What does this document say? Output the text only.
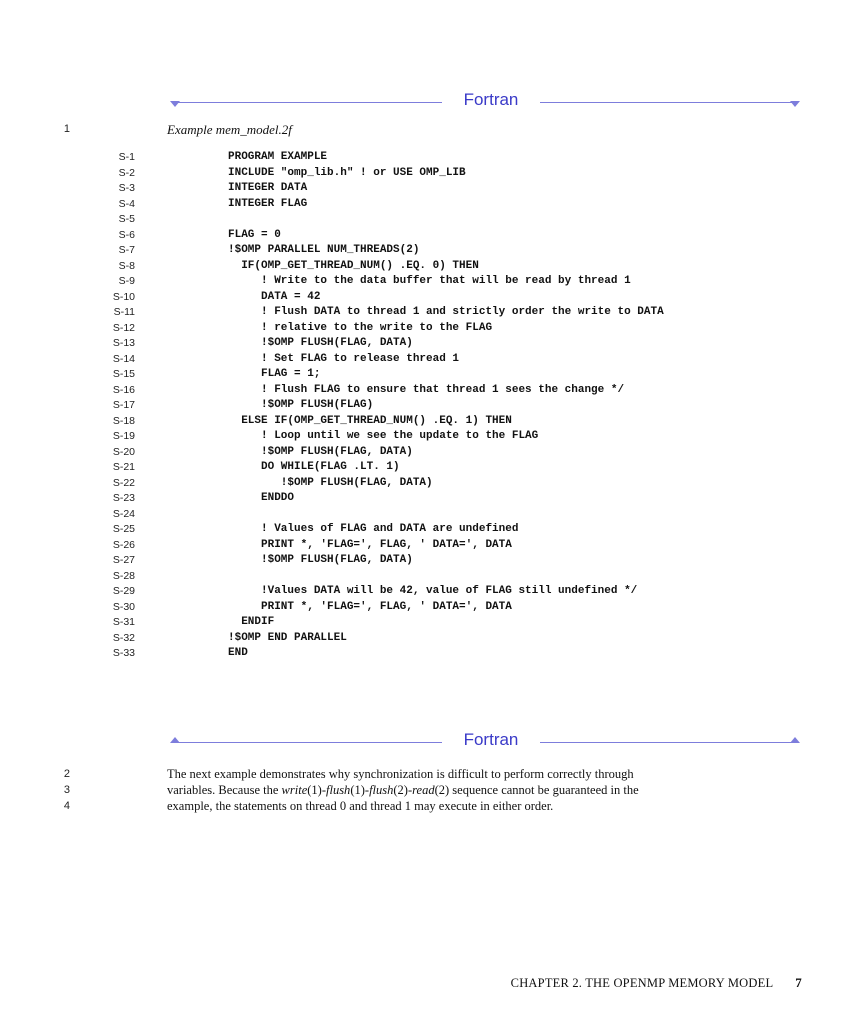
Fortran
1
2
3
4
Example mem_model.2f
S-1	PROGRAM EXAMPLE
S-2	INCLUDE "omp_lib.h" ! or USE OMP_LIB
S-3	INTEGER DATA
S-4	INTEGER FLAG
S-5
S-6	FLAG = 0
S-7	!$OMP PARALLEL NUM_THREADS(2)
S-8	IF(OMP_GET_THREAD_NUM() .EQ. 0) THEN
S-9	! Write to the data buffer that will be read by thread 1
S-10	DATA = 42
S-11	! Flush DATA to thread 1 and strictly order the write to DATA
S-12	! relative to the write to the FLAG
S-13	!$OMP FLUSH(FLAG, DATA)
S-14	! Set FLAG to release thread 1
S-15	FLAG = 1;
S-16	! Flush FLAG to ensure that thread 1 sees the change */
S-17	!$OMP FLUSH(FLAG)
S-18	ELSE IF(OMP_GET_THREAD_NUM() .EQ. 1) THEN
S-19	! Loop until we see the update to the FLAG
S-20	!$OMP FLUSH(FLAG, DATA)
S-21	DO WHILE(FLAG .LT. 1)
S-22	!$OMP FLUSH(FLAG, DATA)
S-23	ENDDO
S-24
S-25	! Values of FLAG and DATA are undefined
S-26	PRINT *, 'FLAG=', FLAG, ' DATA=', DATA
S-27	!$OMP FLUSH(FLAG, DATA)
S-28
S-29	!Values DATA will be 42, value of FLAG still undefined */
S-30	PRINT *, 'FLAG=', FLAG, ' DATA=', DATA
S-31	ENDIF
S-32	!$OMP END PARALLEL
S-33	END
Fortran
The next example demonstrates why synchronization is difficult to perform correctly through
variables. Because the write(1)-flush(1)-flush(2)-read(2) sequence cannot be guaranteed in the
example, the statements on thread 0 and thread 1 may execute in either order.
CHAPTER 2. THE OPENMP MEMORY MODEL 7
